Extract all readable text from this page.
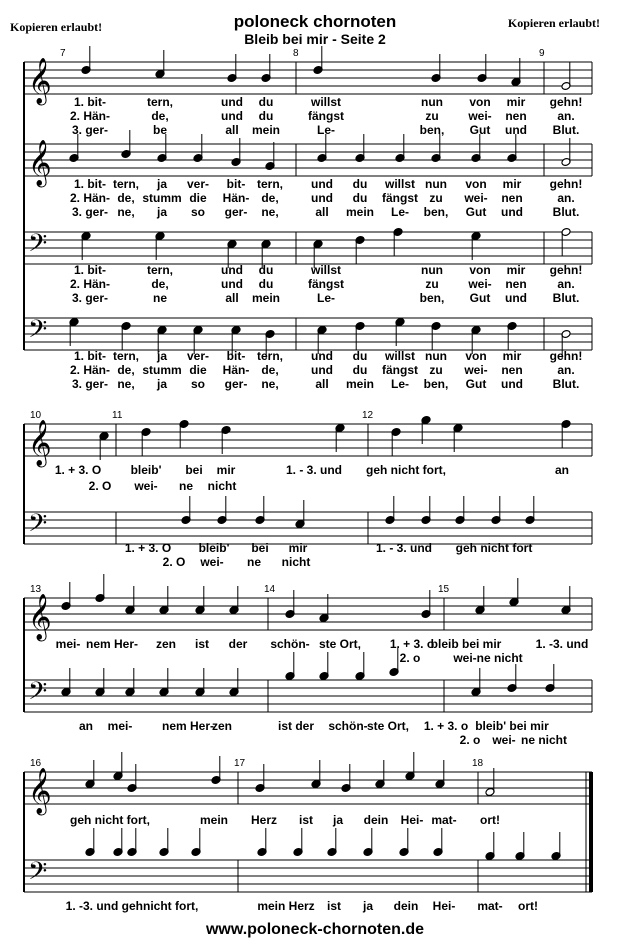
Kopieren erlaubt!	poloneck chornoten
Bleib bei mir - Seite 2
Kopieren erlaubt!
𝄞
𝄞
𝄢
𝄢
7	8	9
1. bit-	tern,	und du	willst	nun von mir gehn!
2. Hän-	de,	und du	fängst	zu wei- nen	an.
3. ger-	be	all mein	Le-	ben, Gut und Blut.
1. bit- tern, ja ver- bit- tern, und du willst nun von mir gehn!
2. Hän- de, stumm die Hän- de,	und du fängst zu wei- nen	an.
3. ger- ne, ja so ger- ne,	all mein Le- ben, Gut und Blut.
1. bit-	tern,	und du	willst	nun von mir gehn!
2. Hän-	de,	und du	fängst	zu wei- nen	an.
3. ger-	ne	all mein	Le-	ben, Gut und Blut.
1. bit- tern, ja ver- bit- tern, und du willst nun von mir gehn!
2. Hän- de, stumm die Hän- de,	und du fängst zu wei- nen	an.
3. ger- ne, ja so ger- ne,	all mein Le- ben, Gut und Blut.
𝄞
𝄢
10	11	12
1. + 3. O bleib' bei mir	1. - 3. und geh nicht fort,	an
2. O wei- ne nicht
1. + 3. O bleib' bei mir	1. - 3. und geh nicht fort
2. O wei- ne nicht
𝄞
𝄢
13	14	15
mei- nem Her- zen ist der schön- ste Ort, 1. + 3. o
bleib bei mir	1. -3. und
2. o	wei-ne nicht
an mei- nem Her-
zen	ist der schön- ste Ort, 1. + 3. o bleib' bei mir
2. o wei- ne nicht
𝄞
𝄢
16	17	18
geh nicht fort,	mein Herz ist ja dein Hei- mat- ort!
1. -3. und gehnicht fort,	mein Herz ist ja dein Hei- mat- ort!
www.poloneck-chornoten.de
